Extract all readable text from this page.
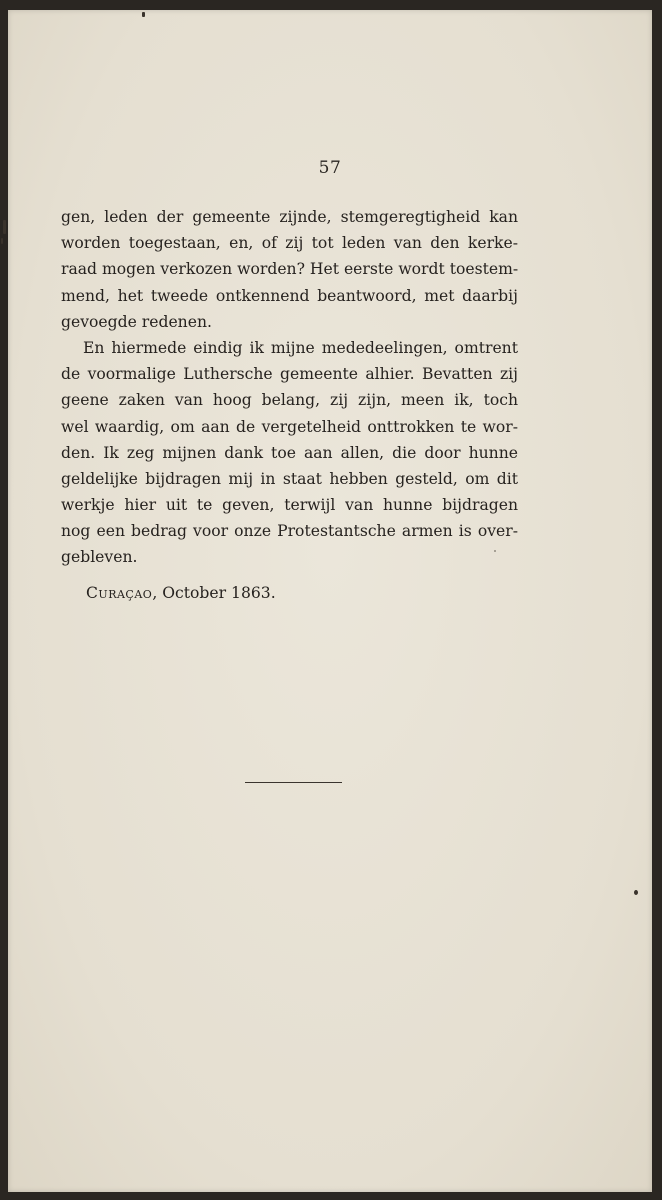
57
gen, leden der gemeente zijnde, stemgeregtigheid kan
worden toegestaan, en, of zij tot leden van den kerke-
raad mogen verkozen worden? Het eerste wordt toestem-
mend, het tweede ontkennend beantwoord, met daarbij
gevoegde redenen.
En hiermede eindig ik mijne mededeelingen, omtrent
de voormalige Luthersche gemeente alhier. Bevatten zij
geene zaken van hoog belang, zij zijn, meen ik, toch
wel waardig, om aan de vergetelheid onttrokken te wor-
den. Ik zeg mijnen dank toe aan allen, die door hunne
geldelijke bijdragen mij in staat hebben gesteld, om dit
werkje hier uit te geven, terwijl van hunne bijdragen
nog een bedrag voor onze Protestantsche armen is over-
gebleven.
Curaçao, October 1863.
